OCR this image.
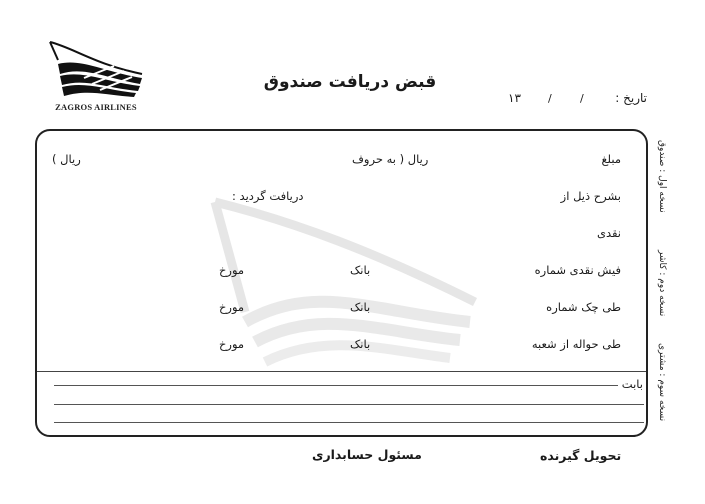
ZAGROS AIRLINES
قبض دریافت صندوق
تاریخ :
/
/
۱۳
مبلغ
ریال ( به حروف
ریال )
بشرح ذیل از
دریافت گردید :
نقدی
فیش نقدی شماره
بانک
مورخ
طی چک شماره
بانک
مورخ
طی حواله از شعبه
بانک
مورخ
بابت
نسخه اول : صندوق
نسخه دوم : کاشر
نسخه سوم : مشتری
مسئول حسابداری	تحویل گیرنده
